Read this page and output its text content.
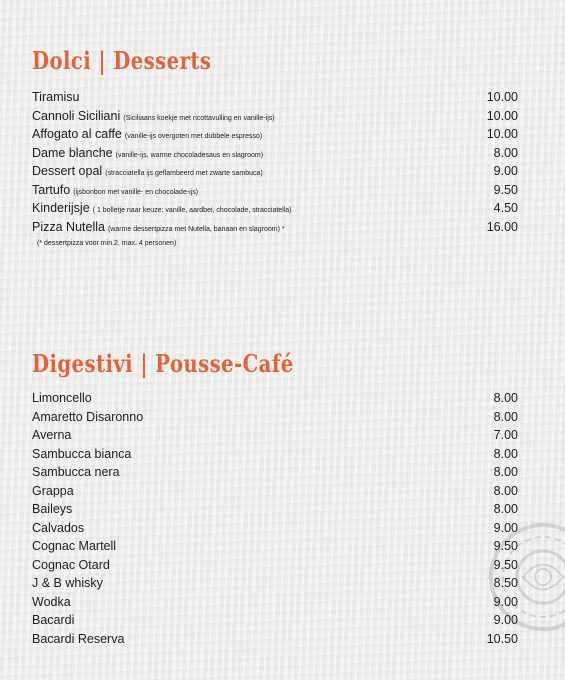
Dolci | Desserts
Tiramisu	10.00
Cannoli Siciliani (Siciliaans koekje met ricottavulling en vanille-ijs)	10.00
Affogato al caffe (vanille-ijs overgoten met dubbele espresso)	10.00
Dame blanche (vanille-ijs, warme chocoladesaus en slagroom)	8.00
Dessert opal (stracciatella ijs geflambeerd met zwarte sambuca)	9.00
Tartufo (ijsbonbon met vanille- en chocolade-ijs)	9.50
Kinderijsje ( 1 bolletje naar keuze: vanille, aardbei, chocolade, stracciatella)	4.50
Pizza Nutella (warme dessertpizza met Nutella, banaan en slagroom) *	16.00
(* dessertpizza voor min.2, max. 4 personen)
Digestivi | Pousse-Café
Limoncello	8.00
Amaretto Disaronno	8.00
Averna	7.00
Sambucca bianca	8.00
Sambucca nera	8.00
Grappa	8.00
Baileys	8.00
Calvados	9.00
Cognac Martell	9.50
Cognac Otard	9.50
J & B whisky	8.50
Wodka	9.00
Bacardi	9.00
Bacardi Reserva	10.50
